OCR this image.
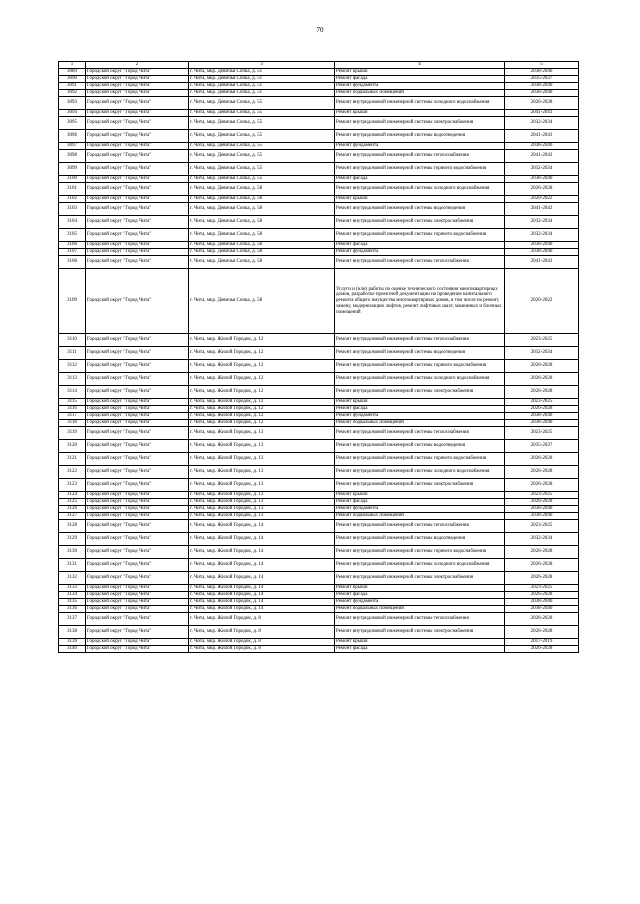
70
1	2	3	4	5
3089	Городской округ "Город Чита"	г. Чита, мкр. Девичья Сопка, д. 51	Ремонт крыши	2038-2040
3090	Городской округ "Город Чита"	г. Чита, мкр. Девичья Сопка, д. 51	Ремонт фасада	2035-2037
3091	Городской округ "Город Чита"	г. Чита, мкр. Девичья Сопка, д. 51	Ремонт фундамента	2038-2040
3092	Городской округ "Город Чита"	г. Чита, мкр. Девичья Сопка, д. 51	Ремонт подвальных помещений	2038-2040
3093	Городской округ "Город Чита"	г. Чита, мкр. Девичья Сопка, д. 55	Ремонт внутридомовой инженерной системы холодного водоснабжения	2026-2028
3094	Городской округ "Город Чита"	г. Чита, мкр. Девичья Сопка, д. 55	Ремонт крыши	2041-2043
3095	Городской округ "Город Чита"	г. Чита, мкр. Девичья Сопка, д. 55	Ремонт внутридомовой инженерной системы электроснабжения	2032-2034
3096	Городской округ "Город Чита"	г. Чита, мкр. Девичья Сопка, д. 55	Ремонт внутридомовой инженерной системы водоотведения	2041-2043
3097	Городской округ "Город Чита"	г. Чита, мкр. Девичья Сопка, д. 55	Ремонт фундамента	2038-2040
3098	Городской округ "Город Чита"	г. Чита, мкр. Девичья Сопка, д. 55	Ремонт внутридомовой инженерной системы теплоснабжения	2041-2043
3099	Городской округ "Город Чита"	г. Чита, мкр. Девичья Сопка, д. 55	Ремонт внутридомовой инженерной системы горячего водоснабжения	2032-2034
3100	Городской округ "Город Чита"	г. Чита, мкр. Девичья Сопка, д. 55	Ремонт фасада	2038-2040
3101	Городской округ "Город Чита"	г. Чита, мкр. Девичья Сопка, д. 58	Ремонт внутридомовой инженерной системы холодного водоснабжения	2026-2028
3102	Городской округ "Город Чита"	г. Чита, мкр. Девичья Сопка, д. 58	Ремонт крыши	2020-2022
3103	Городской округ "Город Чита"	г. Чита, мкр. Девичья Сопка, д. 58	Ремонт внутридомовой инженерной системы водоотведения	2041-2043
3104	Городской округ "Город Чита"	г. Чита, мкр. Девичья Сопка, д. 58	Ремонт внутридомовой инженерной системы электроснабжения	2032-2034
3105	Городской округ "Город Чита"	г. Чита, мкр. Девичья Сопка, д. 58	Ремонт внутридомовой инженерной системы горячего водоснабжения	2032-2034
3106	Городской округ "Город Чита"	г. Чита, мкр. Девичья Сопка, д. 58	Ремонт фасада	2038-2040
3107	Городской округ "Город Чита"	г. Чита, мкр. Девичья Сопка, д. 58	Ремонт фундамента	2038-2040
3108	Городской округ "Город Чита"	г. Чита, мкр. Девичья Сопка, д. 58	Ремонт внутридомовой инженерной системы теплоснабжения	2041-2043
3109	Городской округ "Город Чита"	г. Чита, мкр. Девичья Сопка, д. 58	Услуги и (или) работы по оценке технического состояния многоквартирных домов, разработке проектной документации на проведение капитального ремонта общего имущества многоквартирных домов, в том числе на ремонт, замену, модернизацию лифтов, ремонт лифтовых шахт, машинных и блочных помещений	2020-2022
3110	Городской округ "Город Чита"	г. Чита, мкр. Жилой Городок, д. 12	Ремонт внутридомовой инженерной системы теплоснабжения	2023-2025
3111	Городской округ "Город Чита"	г. Чита, мкр. Жилой Городок, д. 12	Ремонт внутридомовой инженерной системы водоотведения	2032-2034
3112	Городской округ "Город Чита"	г. Чита, мкр. Жилой Городок, д. 12	Ремонт внутридомовой инженерной системы горячего водоснабжения	2026-2028
3113	Городской округ "Город Чита"	г. Чита, мкр. Жилой Городок, д. 12	Ремонт внутридомовой инженерной системы холодного водоснабжения	2026-2028
3114	Городской округ "Город Чита"	г. Чита, мкр. Жилой Городок, д. 12	Ремонт внутридомовой инженерной системы электроснабжения	2026-2028
3115	Городской округ "Город Чита"	г. Чита, мкр. Жилой Городок, д. 12	Ремонт крыши	2023-2025
3116	Городской округ "Город Чита"	г. Чита, мкр. Жилой Городок, д. 12	Ремонт фасада	2026-2028
3117	Городской округ "Город Чита"	г. Чита, мкр. Жилой Городок, д. 12	Ремонт фундамента	2038-2040
3118	Городской округ "Город Чита"	г. Чита, мкр. Жилой Городок, д. 12	Ремонт подвальных помещений	2038-2040
3119	Городской округ "Город Чита"	г. Чита, мкр. Жилой Городок, д. 13	Ремонт внутридомовой инженерной системы теплоснабжения	2023-2025
3120	Городской округ "Город Чита"	г. Чита, мкр. Жилой Городок, д. 13	Ремонт внутридомовой инженерной системы водоотведения	2035-2037
3121	Городской округ "Город Чита"	г. Чита, мкр. Жилой Городок, д. 13	Ремонт внутридомовой инженерной системы горячего водоснабжения	2026-2028
3122	Городской округ "Город Чита"	г. Чита, мкр. Жилой Городок, д. 13	Ремонт внутридомовой инженерной системы холодного водоснабжения	2026-2028
3123	Городской округ "Город Чита"	г. Чита, мкр. Жилой Городок, д. 13	Ремонт внутридомовой инженерной системы электроснабжения	2026-2028
3124	Городской округ "Город Чита"	г. Чита, мкр. Жилой Городок, д. 13	Ремонт крыши	2023-2025
3125	Городской округ "Город Чита"	г. Чита, мкр. Жилой Городок, д. 13	Ремонт фасада	2026-2028
3126	Городской округ "Город Чита"	г. Чита, мкр. Жилой Городок, д. 13	Ремонт фундамента	2038-2040
3127	Городской округ "Город Чита"	г. Чита, мкр. Жилой Городок, д. 13	Ремонт подвальных помещений	2038-2040
3128	Городской округ "Город Чита"	г. Чита, мкр. Жилой Городок, д. 14	Ремонт внутридомовой инженерной системы теплоснабжения	2023-2025
3129	Городской округ "Город Чита"	г. Чита, мкр. Жилой Городок, д. 14	Ремонт внутридомовой инженерной системы водоотведения	2032-2034
3130	Городской округ "Город Чита"	г. Чита, мкр. Жилой Городок, д. 14	Ремонт внутридомовой инженерной системы горячего водоснабжения	2026-2028
3131	Городской округ "Город Чита"	г. Чита, мкр. Жилой Городок, д. 14	Ремонт внутридомовой инженерной системы холодного водоснабжения	2026-2028
3132	Городской округ "Город Чита"	г. Чита, мкр. Жилой Городок, д. 14	Ремонт внутридомовой инженерной системы электроснабжения	2026-2028
3133	Городской округ "Город Чита"	г. Чита, мкр. Жилой Городок, д. 14	Ремонт крыши	2023-2025
3134	Городской округ "Город Чита"	г. Чита, мкр. Жилой Городок, д. 14	Ремонт фасада	2026-2028
3135	Городской округ "Город Чита"	г. Чита, мкр. Жилой Городок, д. 14	Ремонт фундамента	2038-2040
3136	Городской округ "Город Чита"	г. Чита, мкр. Жилой Городок, д. 14	Ремонт подвальных помещений	2038-2040
3137	Городской округ "Город Чита"	г. Чита, мкр. Жилой Городок, д. 8	Ремонт внутридомовой инженерной системы теплоснабжения	2026-2028
3138	Городской округ "Город Чита"	г. Чита, мкр. Жилой Городок, д. 8	Ремонт внутридомовой инженерной системы электроснабжения	2026-2028
3139	Городской округ "Город Чита"	г. Чита, мкр. Жилой Городок, д. 8	Ремонт крыши	2017-2019
3140	Городской округ "Город Чита"	г. Чита, мкр. Жилой Городок, д. 8	Ремонт фасада	2026-2028
